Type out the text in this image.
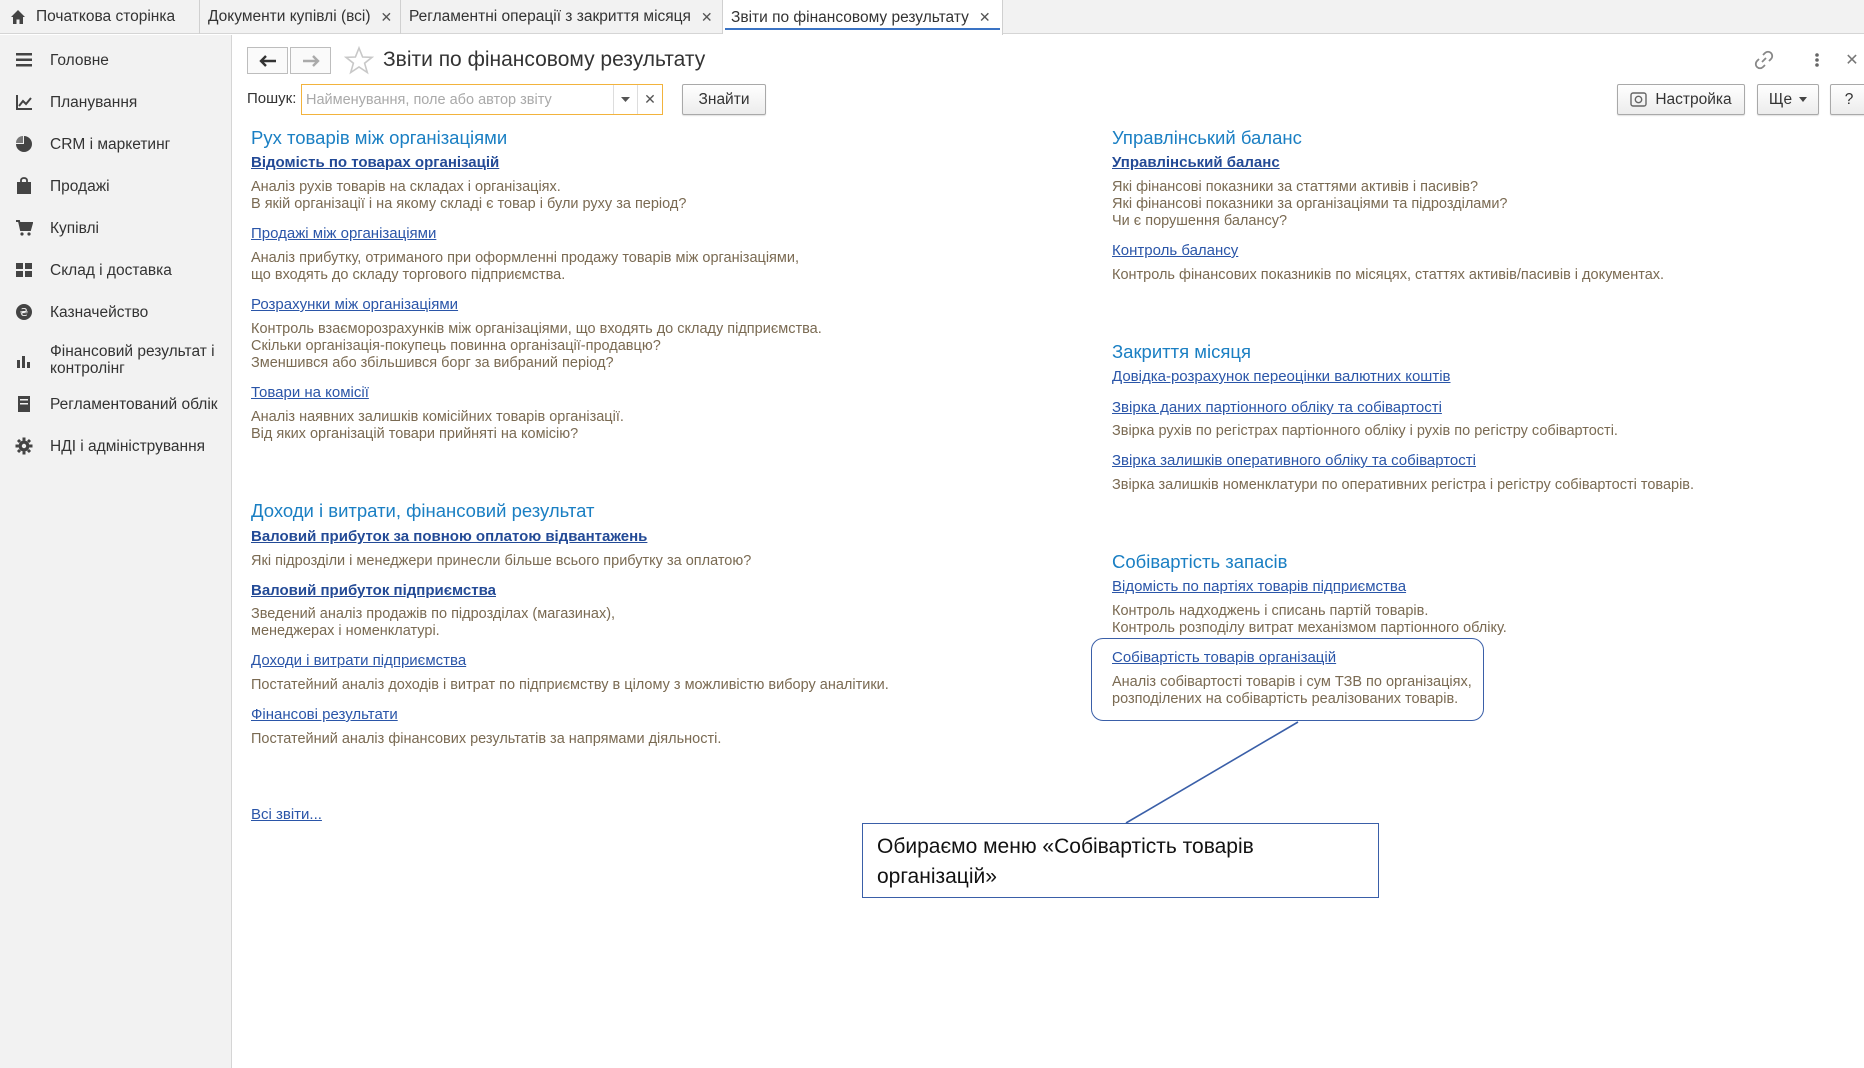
Початкова сторінка Документи купівлі (всі) ✕ Регламентні операції з закриття місяця ✕ Звіти по фінансовому результату ✕
Головне
Планування
CRM і маркетинг
Продажі
Купівлі
Склад і доставка
₴ Казначейство
Фінансовий результат і контролінг
Регламентований облік
НДІ і адміністрування
Звіти по фінансовому результату	✕
Пошук:
Найменування, поле або автор звіту	✕	Знайти	Настройка Ще	?
Рух товарів між організаціями
Відомість по товарах організацій
Аналіз рухів товарів на складах і організаціях.
В якій організації і на якому складі є товар і були руху за період?
Продажі між організаціями
Аналіз прибутку, отриманого при оформленні продажу товарів між організаціями,
що входять до складу торгового підприємства.
Розрахунки між організаціями
Контроль взаєморозрахунків між організаціями, що входять до складу підприємства.
Скільки організація-покупець повинна організації-продавцю?
Зменшився або збільшився борг за вибраний період?
Товари на комісії
Аналіз наявних залишків комісійних товарів організації.
Від яких організацій товари прийняті на комісію?
Доходи і витрати, фінансовий результат
Валовий прибуток за повною оплатою відвантажень
Які підрозділи і менеджери принесли більше всього прибутку за оплатою?
Валовий прибуток підприємства
Зведений аналіз продажів по підрозділах (магазинах),
менеджерах і номенклатурі.
Доходи і витрати підприємства
Постатейний аналіз доходів і витрат по підприємству в цілому з можливістю вибору аналітики.
Фінансові результати
Постатейний аналіз фінансових результатів за напрямами діяльності.
Всі звіти...
Управлінський баланс
Управлінський баланс
Які фінансові показники за статтями активів і пасивів?
Які фінансові показники за організаціями та підрозділами?
Чи є порушення балансу?
Контроль балансу
Контроль фінансових показників по місяцях, статтях активів/пасивів і документах.
Закриття місяця
Довідка-розрахунок переоцінки валютних коштів
Звірка даних партіонного обліку та собівартості
Звірка рухів по регістрах партіонного обліку і рухів по регістру собівартості.
Звірка залишків оперативного обліку та собівартості
Звірка залишків номенклатури по оперативних регістра і регістру собівартості товарів.
Собівартість запасів
Відомість по партіях товарів підприємства
Контроль надходжень і списань партій товарів.
Контроль розподілу витрат механізмом партіонного обліку.
Собівартість товарів організацій
Аналіз собівартості товарів і сум ТЗВ по організаціях,
розподілених на собівартість реалізованих товарів.
Обираємо меню «Собівартість товарів
організацій»
